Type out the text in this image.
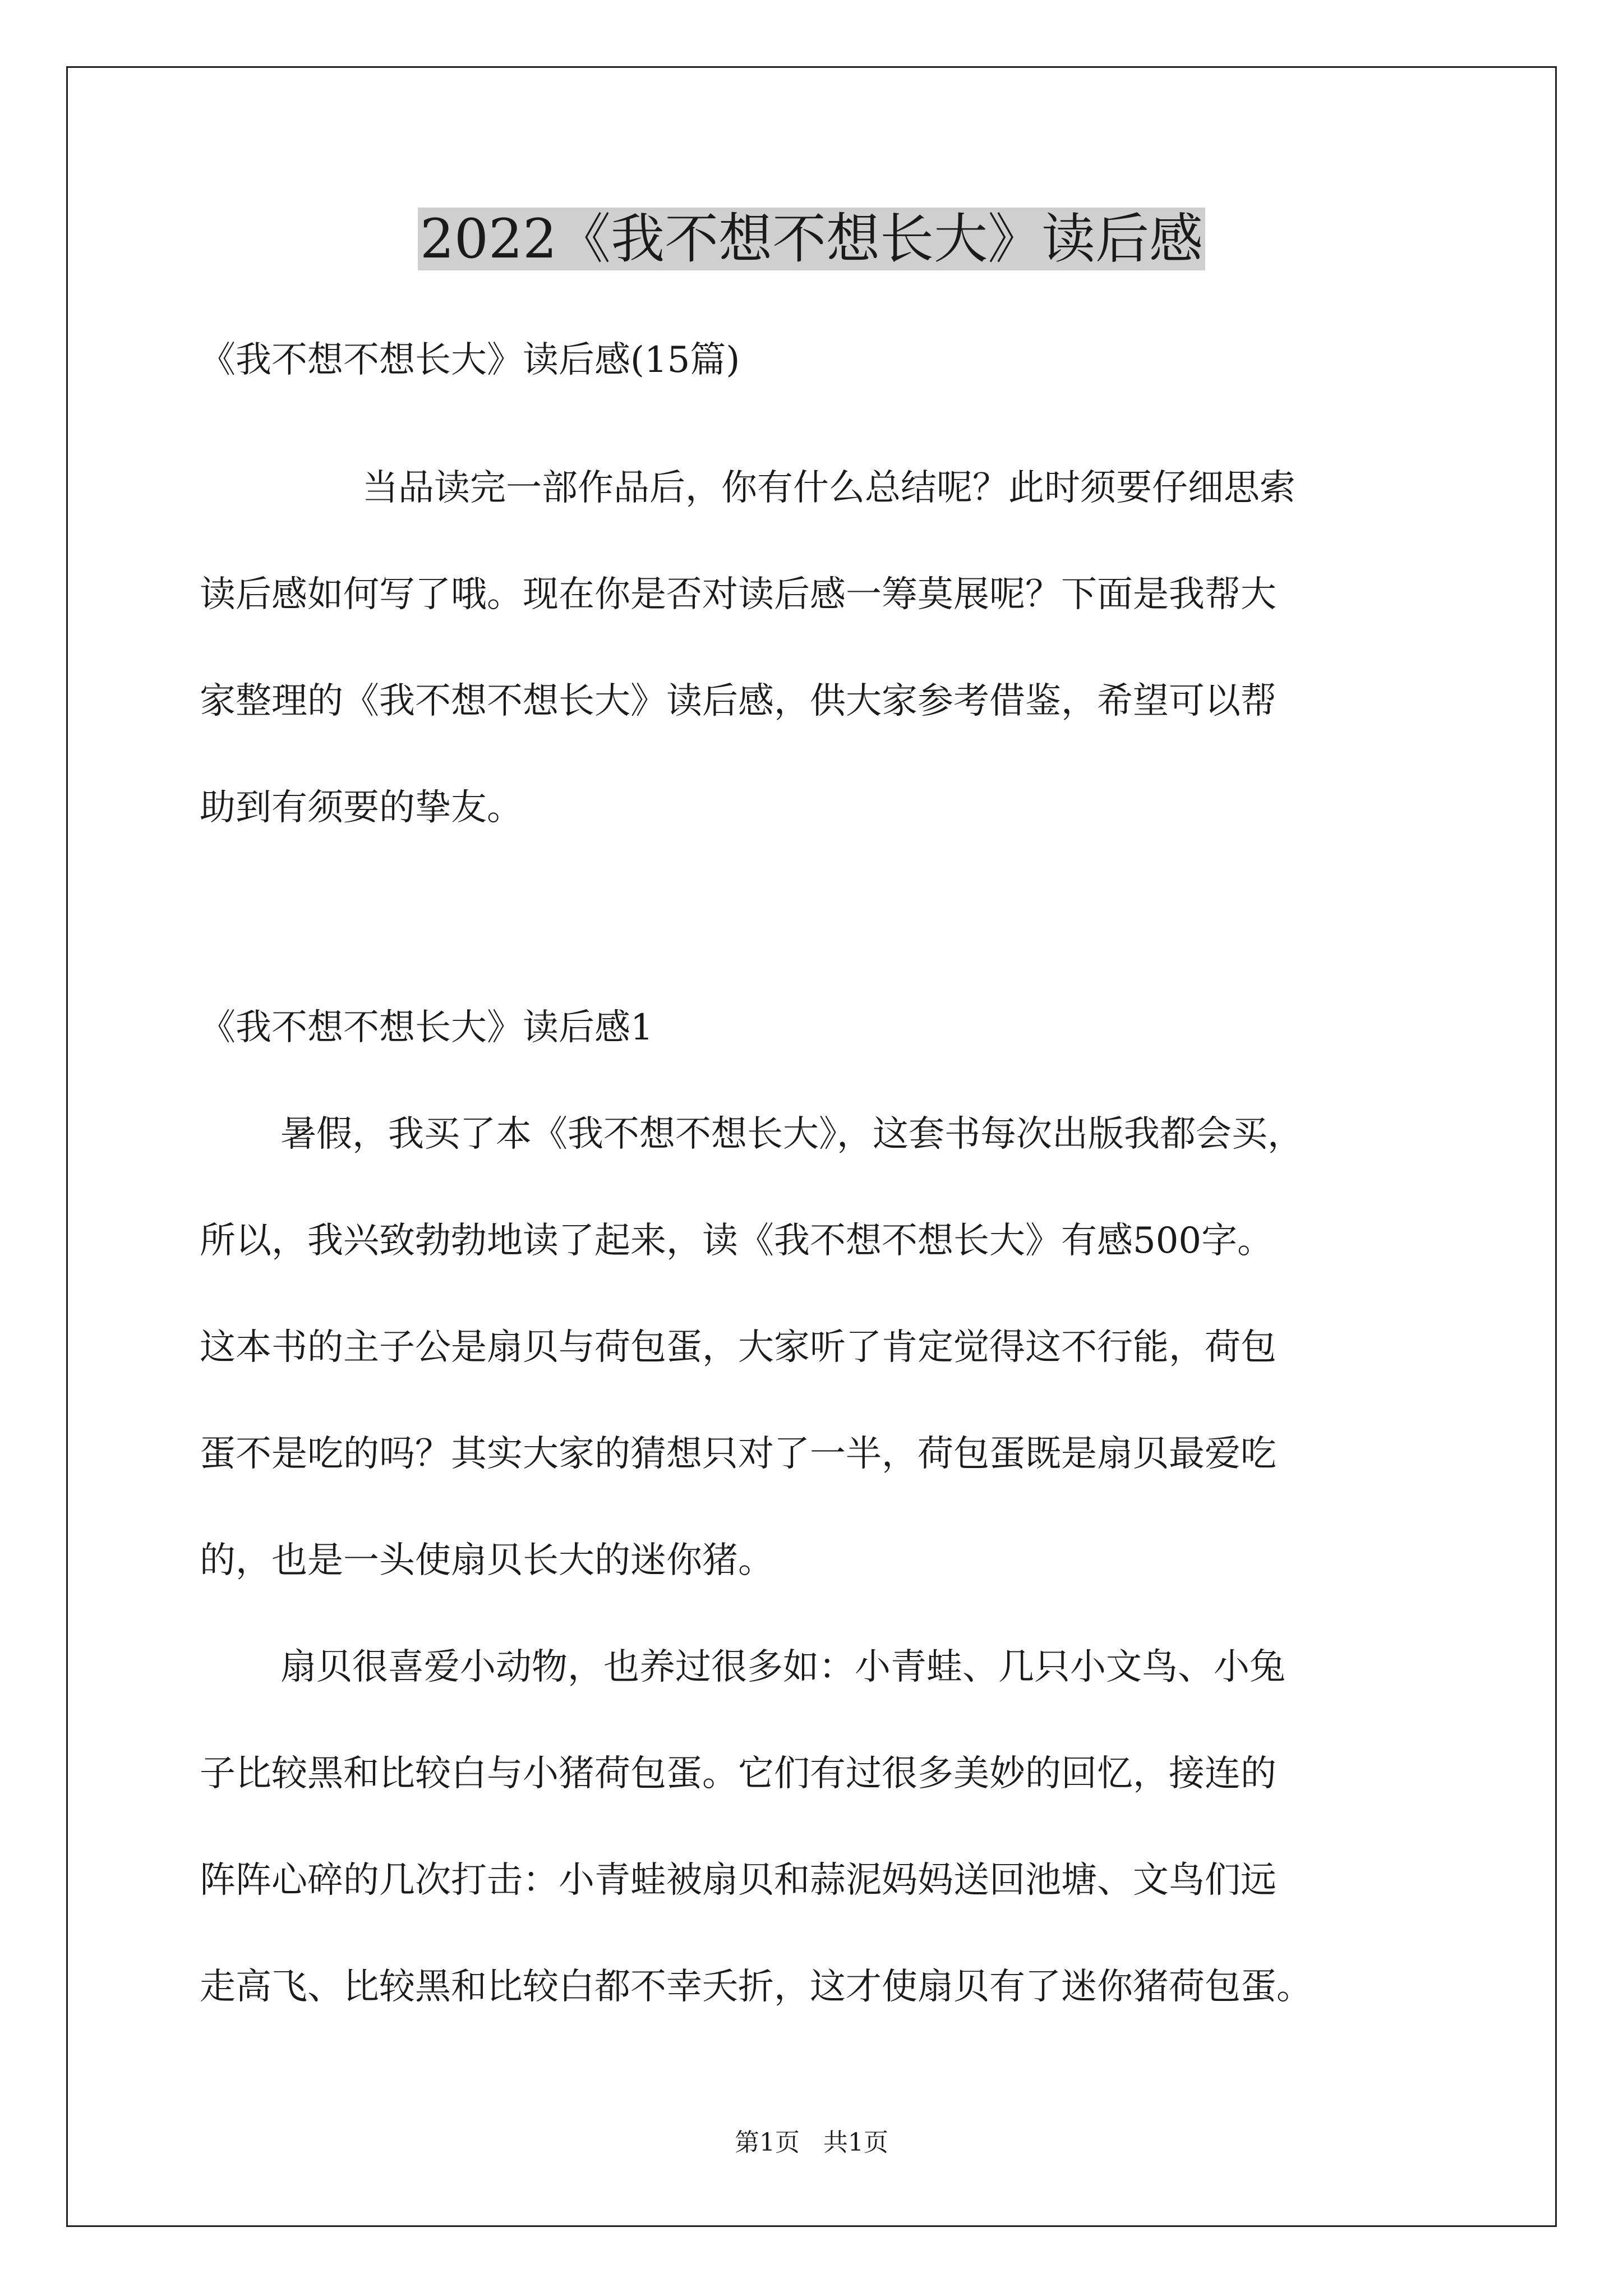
2022《我不想不想长大》读后感

《我不想不想长大》读后感(15篇)

当品读完一部作品后，你有什么总结呢？此时须要仔细思索

读后感如何写了哦。现在你是否对读后感一筹莫展呢？下面是我帮大

家整理的《我不想不想长大》读后感，供大家参考借鉴，希望可以帮

助到有须要的挚友。

《我不想不想长大》读后感1

暑假，我买了本《我不想不想长大》，这套书每次出版我都会买，

所以，我兴致勃勃地读了起来，读《我不想不想长大》有感500字。

这本书的主子公是扇贝与荷包蛋，大家听了肯定觉得这不行能，荷包

蛋不是吃的吗？其实大家的猜想只对了一半，荷包蛋既是扇贝最爱吃

的，也是一头使扇贝长大的迷你猪。

扇贝很喜爱小动物，也养过很多如：小青蛙、几只小文鸟、小兔

子比较黑和比较白与小猪荷包蛋。它们有过很多美妙的回忆，接连的

阵阵心碎的几次打击：小青蛙被扇贝和蒜泥妈妈送回池塘、文鸟们远

走高飞、比较黑和比较白都不幸夭折，这才使扇贝有了迷你猪荷包蛋。

第1页   共1页
